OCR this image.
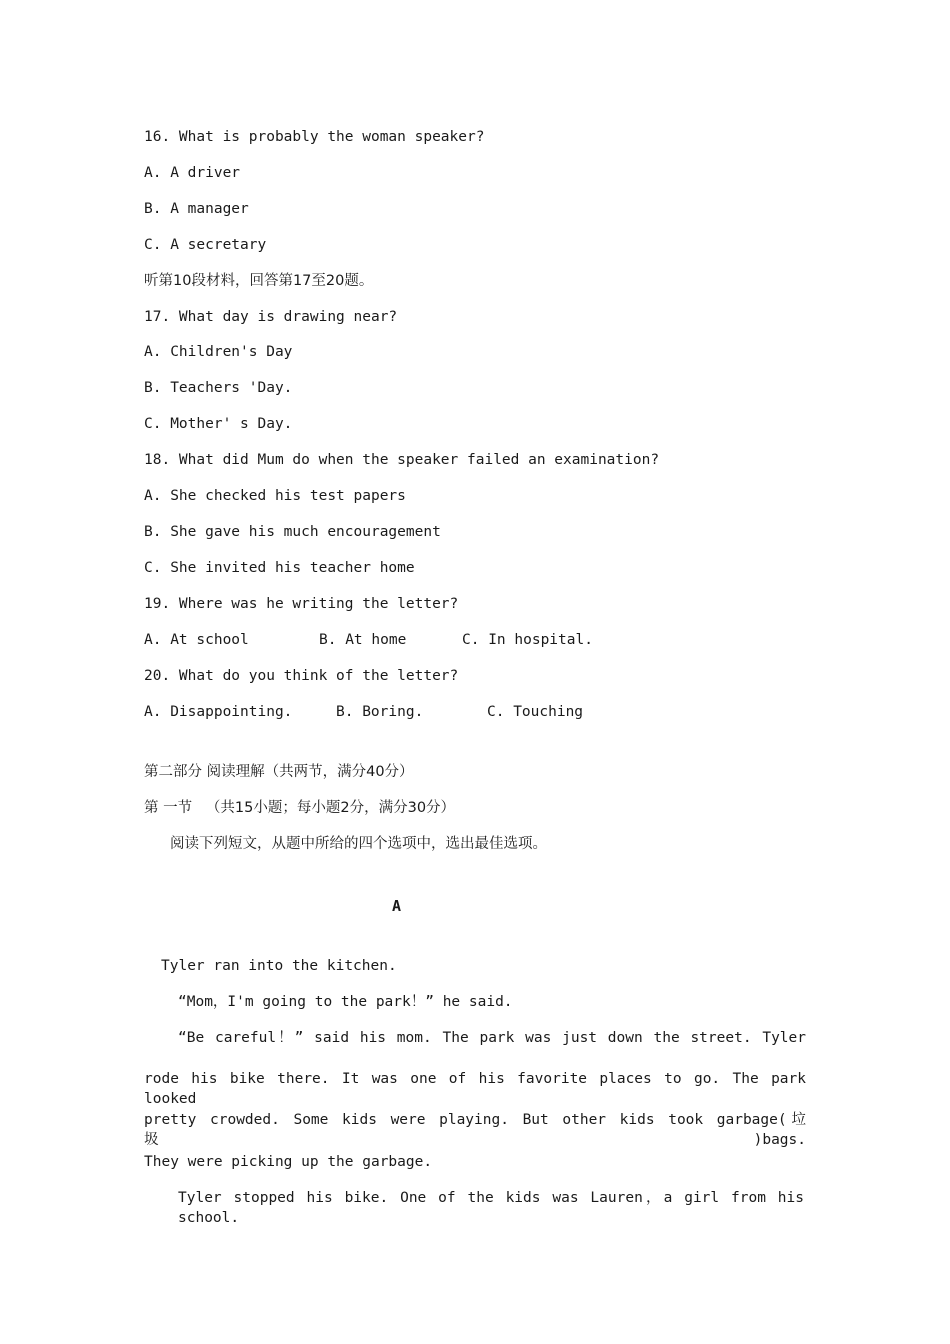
16. What is probably the woman speaker?
A. A driver
B. A manager
C. A secretary
听第10段材料，回答第17至20题。
17. What day is drawing near?
A. Children's Day
B. Teachers 'Day.
C. Mother' s Day.
18. What did Mum do when the speaker failed an examination?
A. She checked his test papers
B. She gave his much encouragement
C. She invited his teacher home
19. Where was he writing the letter?
A. At school	B. At home	C. In hospital.
20. What do you think of the letter?
A. Disappointing.	B. Boring.	C. Touching
第二部分 阅读理解（共两节，满分40分）
第 一节   （共15小题；每小题2分，满分30分）
阅读下列短文，从题中所给的四个选项中，选出最佳选项。
A
Tyler ran into the kitchen.
“Mom，I'm going to the park！” he said.
“Be careful！” said his mom. The park was just down the street. Tyler
rode his bike there. It was one of his favorite places to go. The park looked
pretty crowded. Some kids were playing. But other kids took garbage(垃圾)bags.
They were picking up the garbage.
Tyler stopped his bike. One of the kids was Lauren，a girl from his school.
